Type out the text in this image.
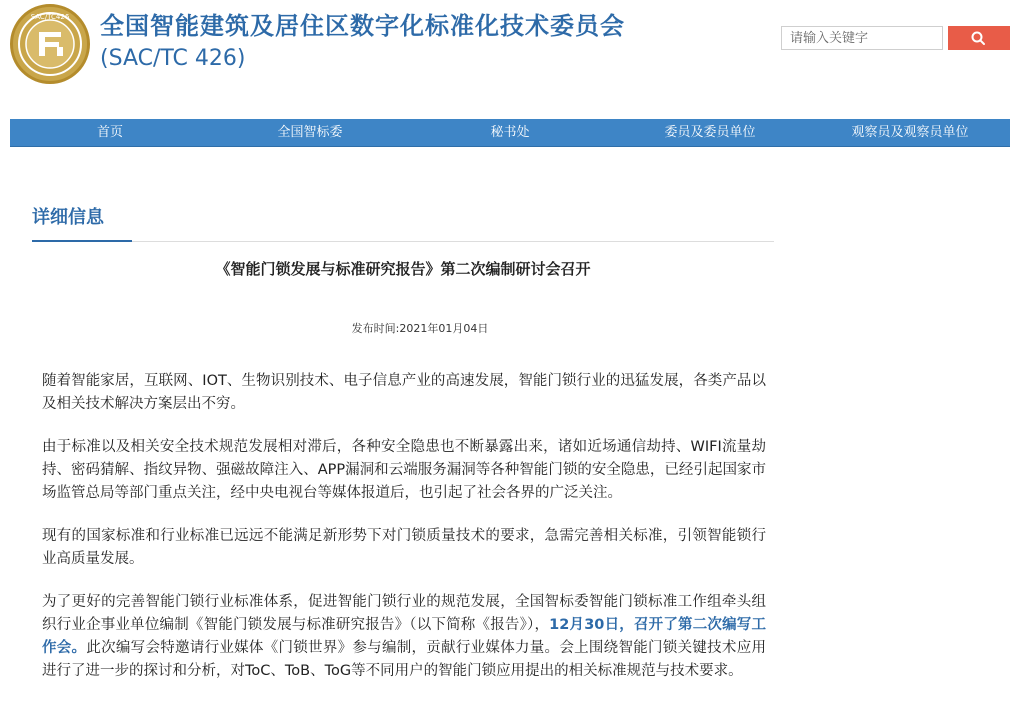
SAC/TC426 全国智能建筑及居住区数字化标准化技术委员会
(SAC/TC 426)
请输入关键字
首页	全国智标委	秘书处	委员及委员单位	观察员及观察员单位
详细信息
《智能门锁发展与标准研究报告》第二次编制研讨会召开
发布时间:2021年01月04日

随着智能家居，互联网、IOT、生物识别技术、电子信息产业的高速发展，智能门锁行业的迅猛发展，各类产品以及相关技术解决方案层出不穷。

由于标准以及相关安全技术规范发展相对滞后，各种安全隐患也不断暴露出来，诸如近场通信劫持、WIFI流量劫持、密码猜解、指纹异物、强磁故障注入、APP漏洞和云端服务漏洞等各种智能门锁的安全隐患，已经引起国家市场监管总局等部门重点关注，经中央电视台等媒体报道后，也引起了社会各界的广泛关注。

现有的国家标准和行业标准已远远不能满足新形势下对门锁质量技术的要求，急需完善相关标准，引领智能锁行业高质量发展。

为了更好的完善智能门锁行业标准体系，促进智能门锁行业的规范发展，全国智标委智能门锁标准工作组牵头组织行业企事业单位编制《智能门锁发展与标准研究报告》（以下简称《报告》），12月30日，召开了第二次编写工作会。此次编写会特邀请行业媒体《门锁世界》参与编制，贡献行业媒体力量。会上围绕智能门锁关键技术应用进行了进一步的探讨和分析，对ToC、ToB、ToG等不同用户的智能门锁应用提出的相关标准规范与技术要求。
